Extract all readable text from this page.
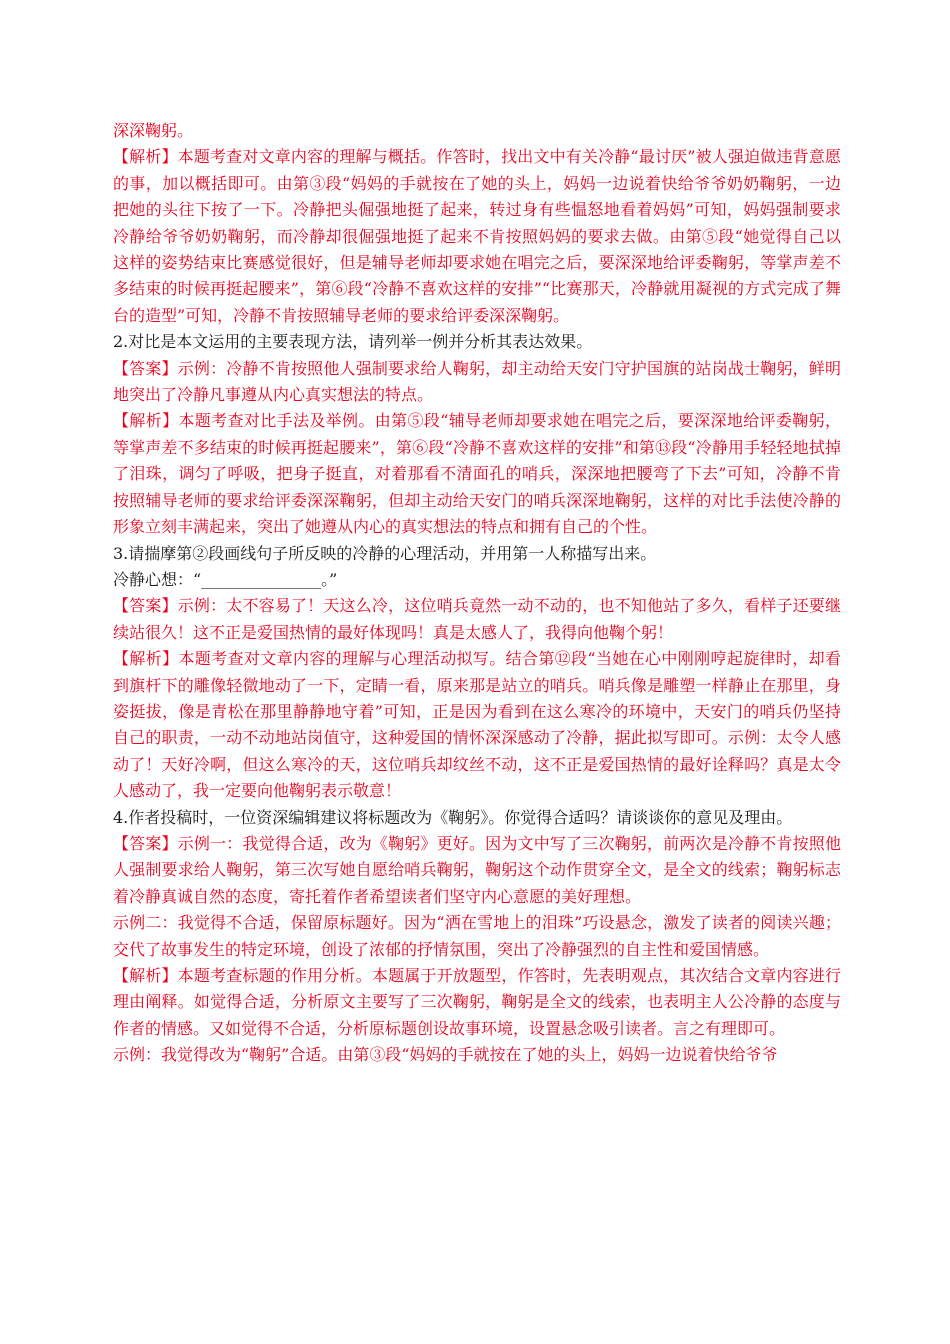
深深鞠躬。

【解析】本题考查对文章内容的理解与概括。作答时，找出文中有关冷静“最讨厌”被人强迫做违背意愿的事，加以概括即可。由第③段“妈妈的手就按在了她的头上，妈妈一边说着快给爷爷奶奶鞠躬，一边把她的头往下按了一下。冷静把头倔强地挺了起来，转过身有些愠怒地看着妈妈”可知，妈妈强制要求冷静给爷爷奶奶鞠躬，而冷静却很倔强地挺了起来不肯按照妈妈的要求去做。由第⑤段“她觉得自己以这样的姿势结束比赛感觉很好，但是辅导老师却要求她在唱完之后，要深深地给评委鞠躬，等掌声差不多结束的时候再挺起腰来”，第⑥段“冷静不喜欢这样的安排”“比赛那天，冷静就用凝视的方式完成了舞台的造型”可知，冷静不肯按照辅导老师的要求给评委深深鞠躬。

2.对比是本文运用的主要表现方法，请列举一例并分析其表达效果。

【答案】示例：冷静不肯按照他人强制要求给人鞠躬，却主动给天安门守护国旗的站岗战士鞠躬，鲜明地突出了冷静凡事遵从内心真实想法的特点。

【解析】本题考查对比手法及举例。由第⑤段“辅导老师却要求她在唱完之后，要深深地给评委鞠躬，等掌声差不多结束的时候再挺起腰来”，第⑥段“冷静不喜欢这样的安排”和第⑬段“冷静用手轻轻地拭掉了泪珠，调匀了呼吸，把身子挺直，对着那看不清面孔的哨兵，深深地把腰弯了下去”可知，冷静不肯按照辅导老师的要求给评委深深鞠躬，但却主动给天安门的哨兵深深地鞠躬，这样的对比手法使冷静的形象立刻丰满起来，突出了她遵从内心的真实想法的特点和拥有自己的个性。

3.请揣摩第②段画线句子所反映的冷静的心理活动，并用第一人称描写出来。

冷静心想：“_______________。”

【答案】示例：太不容易了！天这么冷，这位哨兵竟然一动不动的，也不知他站了多久，看样子还要继续站很久！这不正是爱国热情的最好体现吗！真是太感人了，我得向他鞠个躬！

【解析】本题考查对文章内容的理解与心理活动拟写。结合第⑫段“当她在心中刚刚哼起旋律时，却看到旗杆下的雕像轻微地动了一下，定睛一看，原来那是站立的哨兵。哨兵像是雕塑一样静止在那里，身姿挺拔，像是青松在那里静静地守着”可知，正是因为看到在这么寒冷的环境中，天安门的哨兵仍坚持自己的职责，一动不动地站岗值守，这种爱国的情怀深深感动了冷静，据此拟写即可。示例：太令人感动了！天好冷啊，但这么寒冷的天，这位哨兵却纹丝不动，这不正是爱国热情的最好诠释吗？真是太令人感动了，我一定要向他鞠躬表示敬意！

4.作者投稿时，一位资深编辑建议将标题改为《鞠躬》。你觉得合适吗？请谈谈你的意见及理由。

【答案】示例一：我觉得合适，改为《鞠躬》更好。因为文中写了三次鞠躬，前两次是冷静不肯按照他人强制要求给人鞠躬，第三次写她自愿给哨兵鞠躬，鞠躬这个动作贯穿全文，是全文的线索；鞠躬标志着冷静真诚自然的态度，寄托着作者希望读者们坚守内心意愿的美好理想。

示例二：我觉得不合适，保留原标题好。因为“洒在雪地上的泪珠”巧设悬念，激发了读者的阅读兴趣；交代了故事发生的特定环境，创设了浓郁的抒情氛围，突出了冷静强烈的自主性和爱国情感。

【解析】本题考查标题的作用分析。本题属于开放题型，作答时，先表明观点，其次结合文章内容进行理由阐释。如觉得合适，分析原文主要写了三次鞠躬，鞠躬是全文的线索，也表明主人公冷静的态度与作者的情感。又如觉得不合适，分析原标题创设故事环境，设置悬念吸引读者。言之有理即可。

示例：我觉得改为“鞠躬”合适。由第③段“妈妈的手就按在了她的头上，妈妈一边说着快给爷爷
